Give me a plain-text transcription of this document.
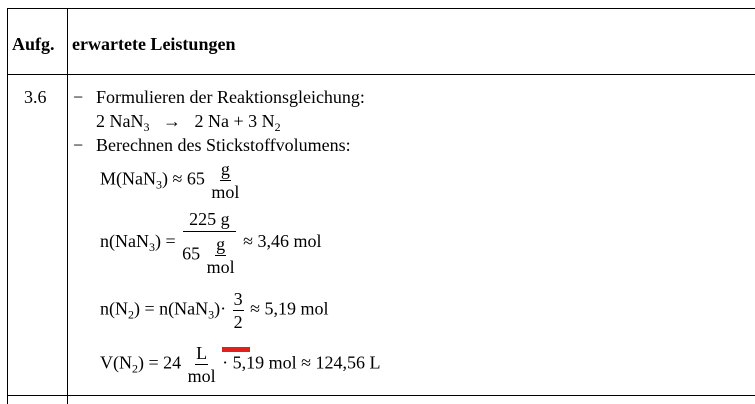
Aufg. erwartete Leistungen
3.6 − Formulieren der Reaktionsgleichung:
2 NaN$_3$ → 2 Na + 3 $N_2$
− Berechnen des Stickstoffvolumens:
$M(NaN_3) \approx 65 \frac{g}{\text{mol}}$
$n(NaN_3) = \frac{225 g}{65 \frac{g}{\text{mol}}} \approx 3,46$ mol
$n(N_2) = n(NaN_3)\cdot \frac{3}{2} \approx 5,19$ mol
$V(N_2) = 24 \frac{L}{\text{mol}} \cdot 5,19$ mol ≈ 124,56 L
